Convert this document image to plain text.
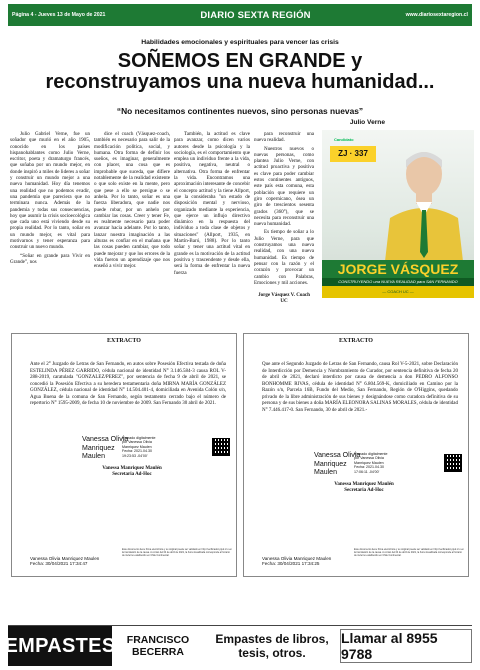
Página 4 - Jueves 13 de Mayo de 2021	DIARIO SEXTA REGIÓN	www.diariosextaregion.cl
Habilidades emocionales y espirituales para vencer las crisis
SOÑEMOS EN GRANDE y
reconstruyamos una nueva humanidad...
“No necesitamos continentes nuevos, sino personas nuevas”
Julio Verne

Julio Gabriel Verne, fue un soñador que murió en el año 1905, conocido en los países hispanohablantes como Julio Verne, escritor, poeta y dramaturgo francés, que soñaba por un mundo mejor, en donde inspiró a miles de lideres a soñar y construir un mundo mejor a una nueva humanidad. Hoy día tenemos una realidad que no podemos evadir, una pandemia que pareciera que no terminara nunca. Además de la pandemia y todas sus consecuencias, hoy que asumir la crisis socioecológica que cada uno está viviendo desde su propia realidad. Por lo tanto, soñar en un mundo mejor, es vital para motivarnos y tener esperanza para construir un nuevo mundo.

“Soñar en grande para Vivir en Grande”, nos

dice el coach (Vásquez-coach, también es necesario para salir de la modificación política, social, y humana. Otra forma de definir los sueños, es imaginar, generalmente con placer, una cosa que es improbable que suceda, que difiere notablemente de la realidad existente o que solo existe en la mente, pero que pese a ello se persigue o se anhela. Por lo tanto, soñar es una fuerza liberadora, que nadie nos puede robar, por un anhelo por cambiar las cosas. Creer y tener Fe, es realmente necesario para poder avanzar hacia adelante. Por lo tanto, lanzar nuestra imaginación a las alturas es confiar en el mañana que las cosas pueden cambiar, que todo puede mejorar y que los errores de la vida fueron un aprendizaje que nos enseñó a vivir mejor.

También, la actitud es clave para avanzar, como dicen varios autores desde la psicología y la sociología, es el comportamiento que emplea un individuo frente a la vida, positiva, negativa, neutral o alternativa. Otra forma de enfrentar la vida. Encontramos una aproximación interesante de concebir el concepto actitud y la tiene Allport, que la consideraba "un estado de disposición mental y nervioso, organizado mediante la experiencia, que ejerce un influjo directivo dinámico en la respuesta del individuo a toda clase de objetos y situaciones" (Allport, 1935, en Martín-Baró, 1988). Por lo tanto soñar y tener una actitud vital en grande es la motivación de la actitud positiva y trascendente y desde ella, será la forma de enfrentar la nueva fuerza

para reconstruir una nueva realidad.

Nuestros nuevos o nuevas personas, como plantea Julio Verne, con actitud proactiva y positiva es clave para poder cambiar estos continentes antiguos, este país esta comuna, esta población que requiere un giro copernicano, ósea un giro de trescientos sesenta grados (360°), que se necesita para reconstruir una nueva humanidad.

Es tiempo de soñar a lo Julio Verne, para que construyamos una nueva realidad, con una nueva humanidad. Es tiempo de pensar con la razón y el corazón y provocar un cambio con Palabras, Emociones y mil acciones.

Jorge Vásquez V. Coach UC

Candidato
ZJ · 337
JORGE VÁSQUEZ
CONSTRUYENDO una NUEVA REALIDAD para SAN FERNANDO
— COACH UC —
EXTRACTO
Ante el 2° Juzgado de Letras de San Fernando, en autos sobre Posesión Efectiva testada de doña ESTELINDA PÉREZ GARRIDO, cédula nacional de identidad N° 3.146.584-3 causa ROL V-288-2019, caratulada "GONZALEZ/PEREZ", por sentencia de fecha 9 de abril de 2021, se concedió la Posesión Efectiva a su heredera testamentaria doña MIRNA MARÍA GONZÁLEZ GONZÁLEZ, cédula nacional de identidad N° 14.504.401-4, domiciliada en Avenida Colón s/n, Agua Buena de la comuna de San Fernando, según testamento cerrado bajo el número de repertorio N° 1595-2009, de fecha 10 de noviembre de 2009. San Fernando 30 abril de 2021.
Vanessa Olivia
Manriquez
Maulen
Firmado digitalmente
por Vanessa Olivia
Manriquez Maulen
Fecha: 2021.04.30
19:23:53 -04'00'
Vanessa Manriquez Maulén Secretaria Ad-Hoc
Vanessa Olivia Manriquez Maulen
Fecha: 30/04/2021 17:34:47
Este documento tiene firma electrónica y su original puede ser validado en http://verificadoc.pjud.cl o en la tramitación de la causa. A contar del 04 de abril de 2021, la hora visualizada corresponde al horario de invierno establecido en Chile Continental.
EXTRACTO
Que ante el Segundo Juzgado de Letras de San Fernando, causa Rol V-5-2021, sobre Declaración de Interdicción por Demencia y Nombramiento de Curador, por sentencia definitiva de fecha 20 de abril de 2021, declaró interdicto por causa de demencia a don PEDRO ALFONSO BONHOMME RIVAS, cédula de identidad N° 6.804.569-K, domiciliado en Camino por la Razón s/n, Parcela 16B, Fundo del Medio, San Fernando, Región de O'Higgins, quedando privado de la libre administración de sus bienes y designándose como curadora definitiva de su persona y de sus bienes a doña MARÍA ELEONORA SALINAS MORALES, cédula de identidad N° 7.446.417-0. San Fernando, 30 de abril de 2021.-
Vanessa Olivia
Manriquez
Maulen
Firmado digitalmente
por Vanessa Olivia
Manriquez Maulen
Fecha: 2021.04.30
17:06:11 -04'00'
Vanessa Manriquez Maulén Secretaria Ad-Hoc
Vanessa Olivia Manriquez Maulen
Fecha: 30/04/2021 17:34:25
Este documento tiene firma electrónica y su original puede ser validado en http://verificadoc.pjud.cl o en la tramitación de la causa. A contar del 04 de abril de 2021, la hora visualizada corresponde al horario de invierno establecido en Chile Continental.
EMPASTES FRANCISCO
BECERRA
Empastes de libros,
tesis, otros.
Llamar al 8955 9788
